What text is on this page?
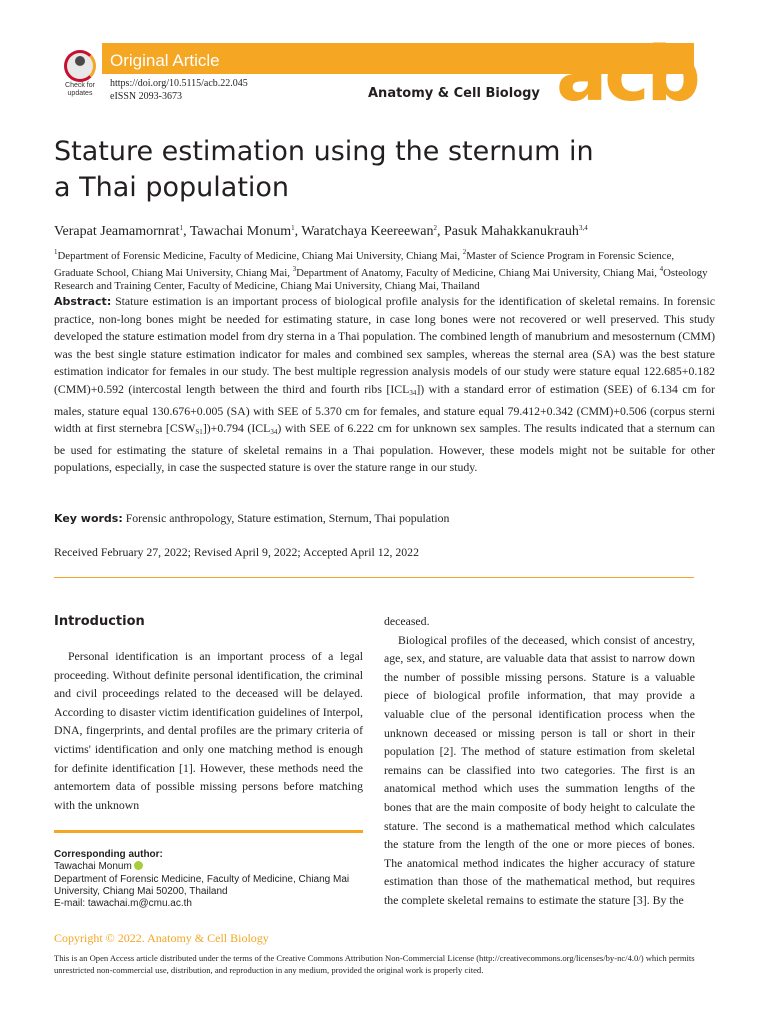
Original Article
Check for updates
https://doi.org/10.5115/acb.22.045
eISSN 2093-3673	Anatomy & Cell Biology acb
Stature estimation using the sternum in
a Thai population
Verapat Jeamamornrat$^1$, Tawachai Monum$^1$, Waratchaya Keereewan$^2$, Pasuk Mahakkanukrauh$^{3,4}$
$^1$Department of Forensic Medicine, Faculty of Medicine, Chiang Mai University, Chiang Mai, $^2$Master of Science Program in Forensic Science, Graduate School, Chiang Mai University, Chiang Mai, $^3$Department of Anatomy, Faculty of Medicine, Chiang Mai University, Chiang Mai, $^4$Osteology Research and Training Center, Faculty of Medicine, Chiang Mai University, Chiang Mai, Thailand
Abstract: Stature estimation is an important process of biological profile analysis for the identification of skeletal remains. In forensic practice, non-long bones might be needed for estimating stature, in case long bones were not recovered or well preserved. This study developed the stature estimation model from dry sterna in a Thai population. The combined length of manubrium and mesosternum (CMM) was the best single stature estimation indicator for males and combined sex samples, whereas the sternal area (SA) was the best stature estimation indicator for females in our study. The best multiple regression analysis models of our study were stature equal 122.685+0.182 (CMM)+0.592 (intercostal length between the third and fourth ribs $[ICL_{34}]$) with a standard error of estimation (SEE) of 6.134 cm for males, stature equal 130.676+0.005 (SA) with SEE of 5.370 cm for females, and stature equal 79.412+0.342 (CMM)+0.506 (corpus sterni width at first sternebra $[CSW_{S1}])+0.794$ $(ICL_{34})$ with SEE of 6.222 cm for unknown sex samples. The results indicated that a sternum can be used for estimating the stature of skeletal remains in a Thai population. However, these models might not be suitable for other populations, especially, in case the suspected stature is over the stature range in our study.
Key words: Forensic anthropology, Stature estimation, Sternum, Thai population
Received February 27, 2022; Revised April 9, 2022; Accepted April 12, 2022
Introduction

Personal identification is an important process of a legal proceeding. Without definite personal identification, the criminal and civil proceedings related to the deceased will be delayed. According to disaster victim identification guidelines of Interpol, DNA, fingerprints, and dental profiles are the primary criteria of victims' identification and only one matching method is enough for definite identification [1]. However, these methods need the antemortem data of possible missing persons before matching with the unknown

deceased.

Biological profiles of the deceased, which consist of ancestry, age, sex, and stature, are valuable data that assist to narrow down the number of possible missing persons. Stature is a valuable piece of biological profile information, that may provide a valuable clue of the personal identification process when the unknown deceased or missing person is tall or short in their population [2]. The method of stature estimation from skeletal remains can be classified into two categories. The first is an anatomical method which uses the summation lengths of the bones that are the main composite of body height to calculate the stature. The second is a mathematical method which calculates the stature from the length of the one or more pieces of bones. The anatomical method indicates the higher accuracy of stature estimation than those of the mathematical method, but requires the complete skeletal remains to estimate the stature [3]. By the

Corresponding author:
Tawachai Monum
Department of Forensic Medicine, Faculty of Medicine, Chiang Mai University, Chiang Mai 50200, Thailand
E-mail: tawachai.m@cmu.ac.th
Copyright © 2022. Anatomy & Cell Biology
This is an Open Access article distributed under the terms of the Creative Commons Attribution Non-Commercial License (http://creativecommons.org/licenses/by-nc/4.0/) which permits unrestricted non-commercial use, distribution, and reproduction in any medium, provided the original work is properly cited.
